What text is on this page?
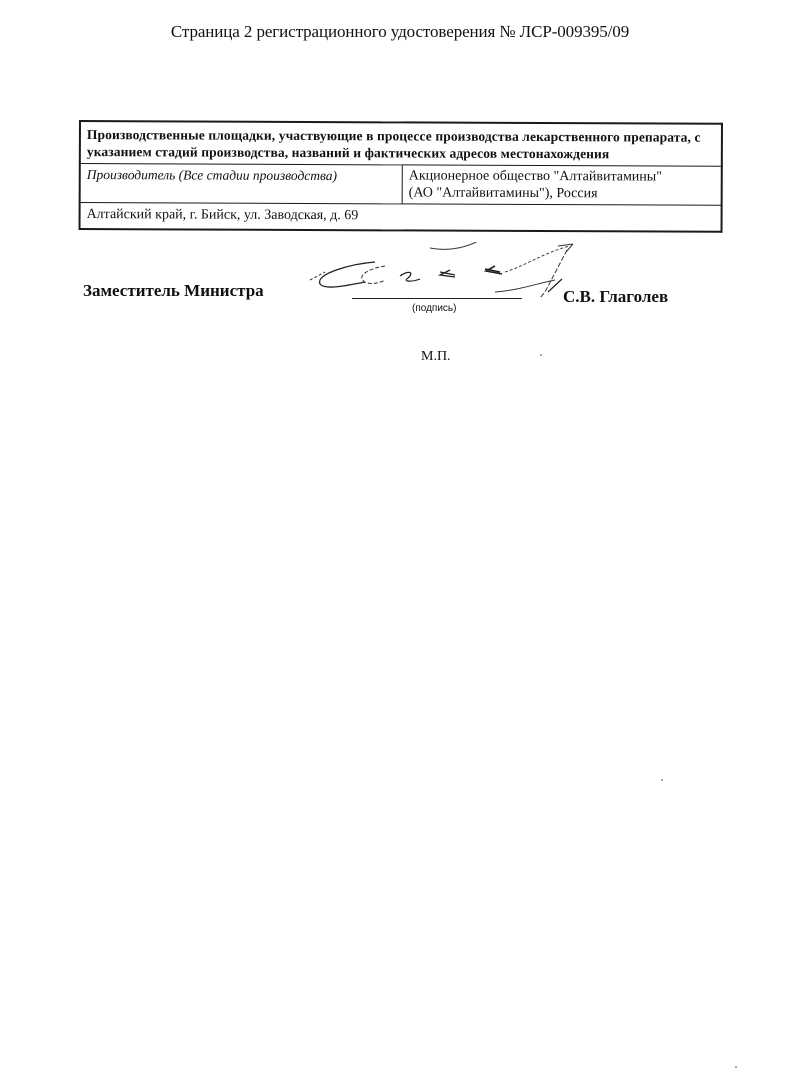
Страница 2 регистрационного удостоверения № ЛСР-009395/09
Производственные площадки, участвующие в процессе производства лекарственного препарата, с указанием стадий производства, названий и фактических адресов местонахождения
Производитель (Все стадии производства)	Акционерное общество "Алтайвитамины"
(АО "Алтайвитамины"), Россия

Алтайский край, г. Бийск, ул. Заводская, д. 69
Заместитель Министра
(подпись)
С.В. Глаголев
М.П.
